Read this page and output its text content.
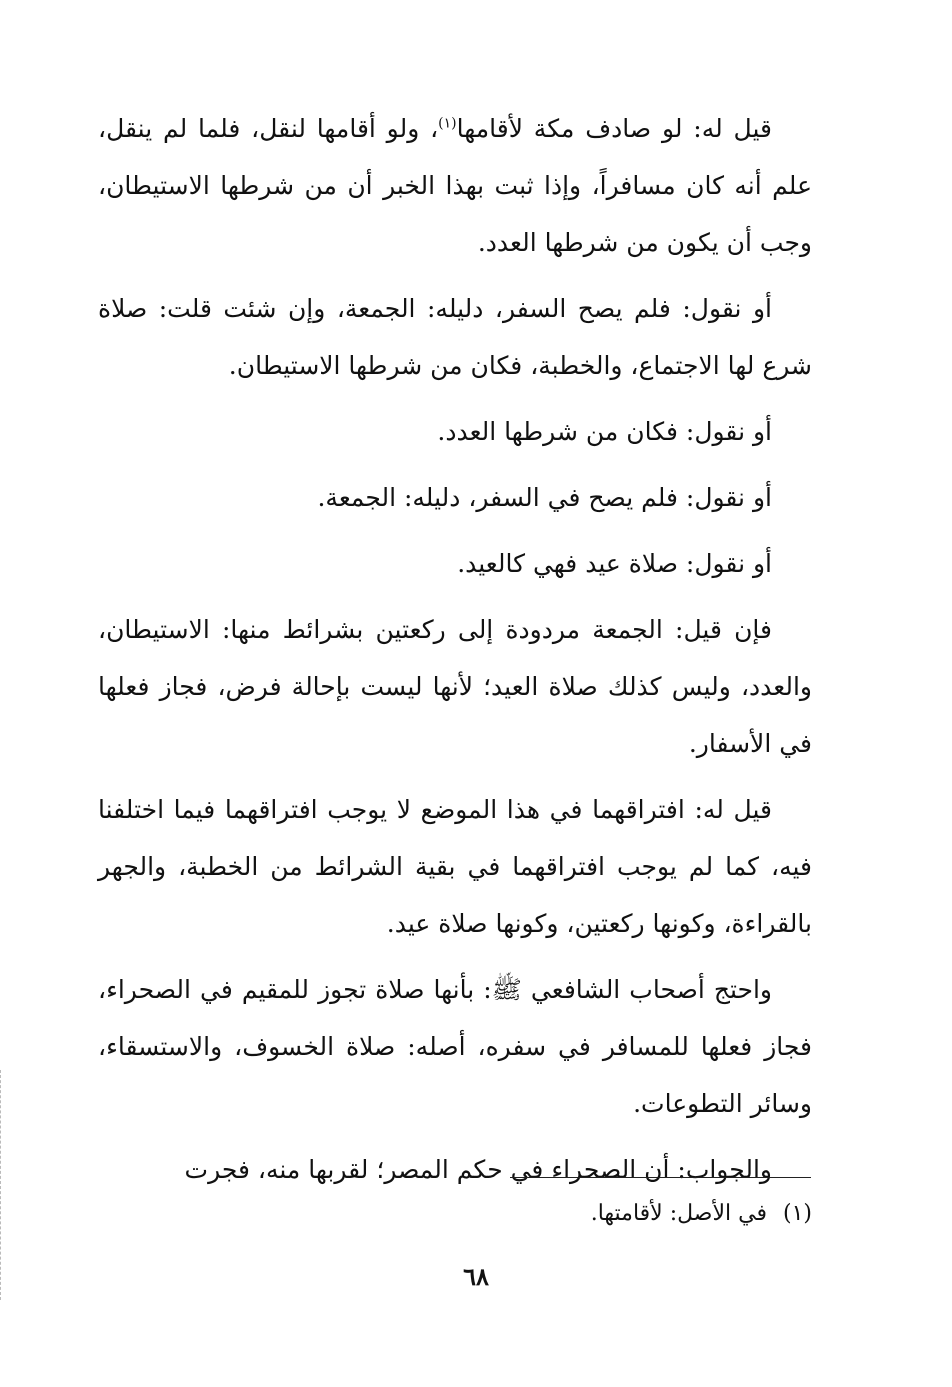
قيل له: لو صادف مكة لأقامها$^{(١)}$، ولو أقامها لنقل، فلما لم ينقل، علم أنه كان مسافراً، وإذا ثبت بهذا الخبر أن من شرطها الاستيطان، وجب أن يكون من شرطها العدد.

أو نقول: فلم يصح السفر، دليله: الجمعة، وإن شئت قلت: صلاة شرع لها الاجتماع، والخطبة، فكان من شرطها الاستيطان.

أو نقول: فكان من شرطها العدد.

أو نقول: فلم يصح في السفر، دليله: الجمعة.

أو نقول: صلاة عيد فهي كالعيد.

فإن قيل: الجمعة مردودة إلى ركعتين بشرائط منها: الاستيطان، والعدد، وليس كذلك صلاة العيد؛ لأنها ليست بإحالة فرض، فجاز فعلها في الأسفار.

قيل له: افتراقهما في هذا الموضع لا يوجب افتراقهما فيما اختلفنا فيه، كما لم يوجب افتراقهما في بقية الشرائط من الخطبة، والجهر بالقراءة، وكونها ركعتين، وكونها صلاة عيد.

واحتج أصحاب الشافعي ﷺ: بأنها صلاة تجوز للمقيم في الصحراء، فجاز فعلها للمسافر في سفره، أصله: صلاة الخسوف، والاستسقاء، وسائر التطوعات.

والجواب: أن الصحراء في حكم المصر؛ لقربها منه، فجرت

(١)في الأصل: لأقامتها.
٦٨
